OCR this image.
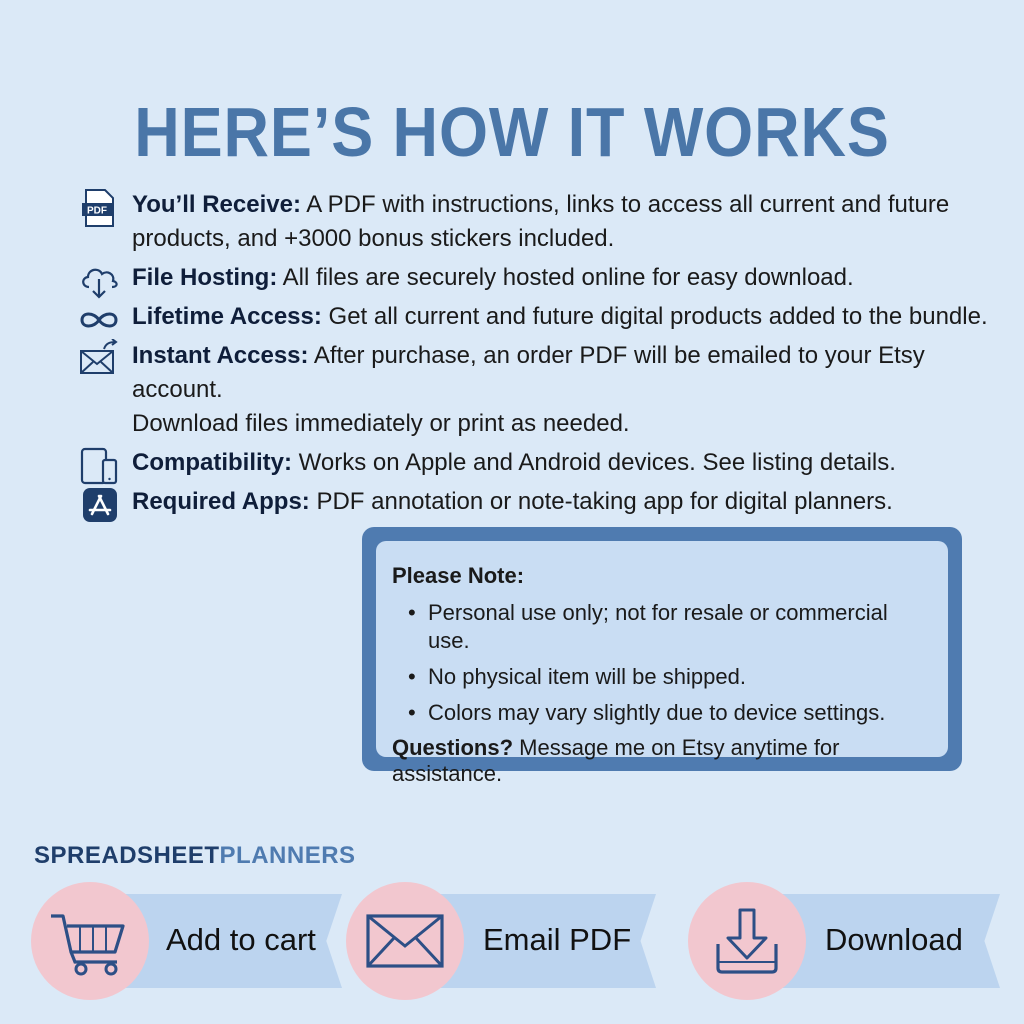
HERE’S HOW IT WORKS
PDF You’ll Receive: A PDF with instructions, links to access all current and future
products, and +3000 bonus stickers included.
File Hosting: All files are securely hosted online for easy download.
Lifetime Access: Get all current and future digital products added to the bundle.
Instant Access: After purchase, an order PDF will be emailed to your Etsy account.
Download files immediately or print as needed.
Compatibility: Works on Apple and Android devices. See listing details.
Required Apps: PDF annotation or note-taking app for digital planners.
Please Note:
• Personal use only; not for resale or commercial use.
• No physical item will be shipped.
• Colors may vary slightly due to device settings.
Questions? Message me on Etsy anytime for assistance.
SPREADSHEETPLANNERS
Add to cart	Email PDF	Download
